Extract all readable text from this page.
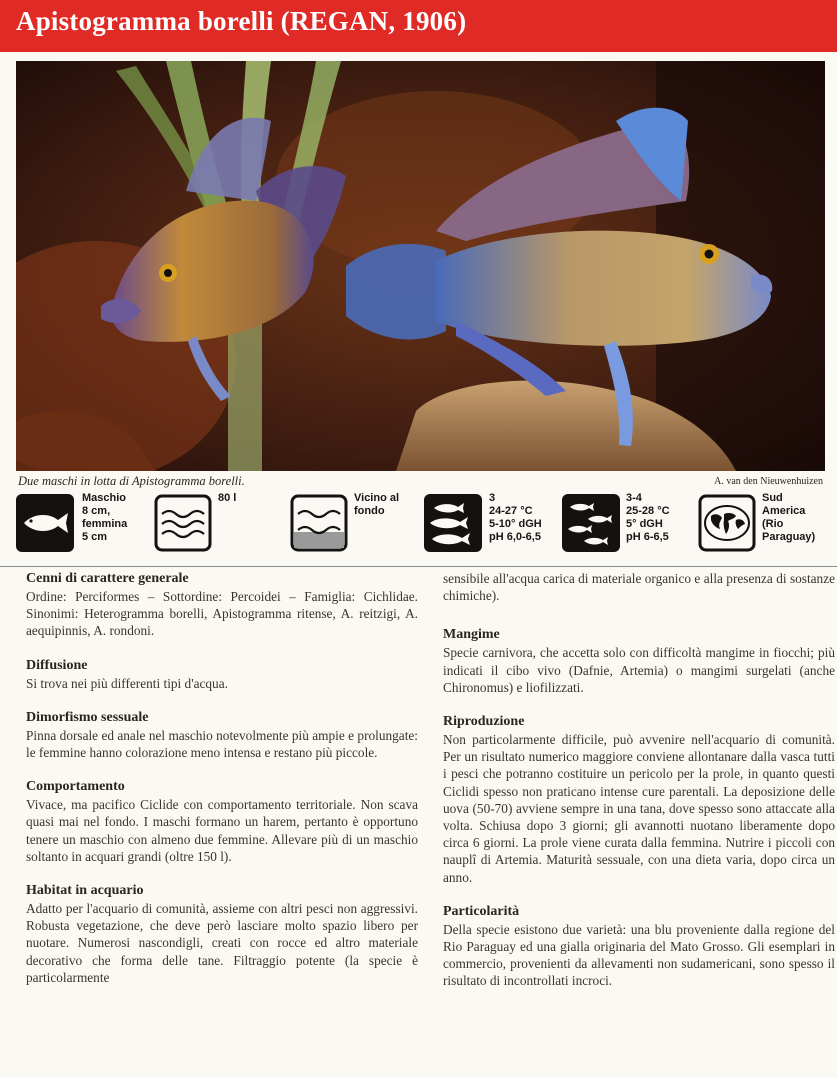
Apistogramma borelli (REGAN, 1906)
Due maschi in lotta di Apistogramma borelli.	A. van den Nieuwenhuizen
Maschio
8 cm,
femmina
5 cm
80 l	Vicino al
fondo
3
24-27 °C
5-10° dGH
pH 6,0-6,5
3-4
25-28 °C
5° dGH
pH 6-6,5
Sud
America
(Rio
Paraguay)
Cenni di carattere generale

Ordine: Perciformes – Sottordine: Percoidei – Famiglia: Cichlidae. Sinonimi: Heterogramma borelli, Apistogramma ritense, A. reitzigi, A. aequipinnis, A. rondoni.

Diffusione

Si trova nei più differenti tipi d'acqua.

Dimorfismo sessuale

Pinna dorsale ed anale nel maschio notevolmente più ampie e prolungate: le femmine hanno colorazione meno intensa e restano più piccole.

Comportamento

Vivace, ma pacifico Ciclide con comportamento territoriale. Non scava quasi mai nel fondo. I maschi formano un harem, pertanto è opportuno tenere un maschio con almeno due femmine. Allevare più di un maschio soltanto in acquari grandi (oltre 150 l).

Habitat in acquario

Adatto per l'acquario di comunità, assieme con altri pesci non aggressivi. Robusta vegetazione, che deve però lasciare molto spazio libero per nuotare. Numerosi nascondigli, creati con rocce ed altro materiale decorativo che forma delle tane. Filtraggio potente (la specie è particolarmente

sensibile all'acqua carica di materiale organico e alla presenza di sostanze chimiche).

Mangime

Specie carnivora, che accetta solo con difficoltà mangime in fiocchi; più indicati il cibo vivo (Dafnie, Artemia) o mangimi surgelati (anche Chironomus) e liofilizzati.

Riproduzione

Non particolarmente difficile, può avvenire nell'acquario di comunità. Per un risultato numerico maggiore conviene allontanare dalla vasca tutti i pesci che potranno costituire un pericolo per la prole, in quanto questi Ciclidi spesso non praticano intense cure parentali. La deposizione delle uova (50-70) avviene sempre in una tana, dove spesso sono attaccate alla volta. Schiusa dopo 3 giorni; gli avannotti nuotano liberamente dopo circa 6 giorni. La prole viene curata dalla femmina. Nutrire i piccoli con nauplî di Artemia. Maturità sessuale, con una dieta varia, dopo circa un anno.

Particolarità

Della specie esistono due varietà: una blu proveniente dalla regione del Rio Paraguay ed una gialla originaria del Mato Grosso. Gli esemplari in commercio, provenienti da allevamenti non sudamericani, sono spesso il risultato di incontrollati incroci.
